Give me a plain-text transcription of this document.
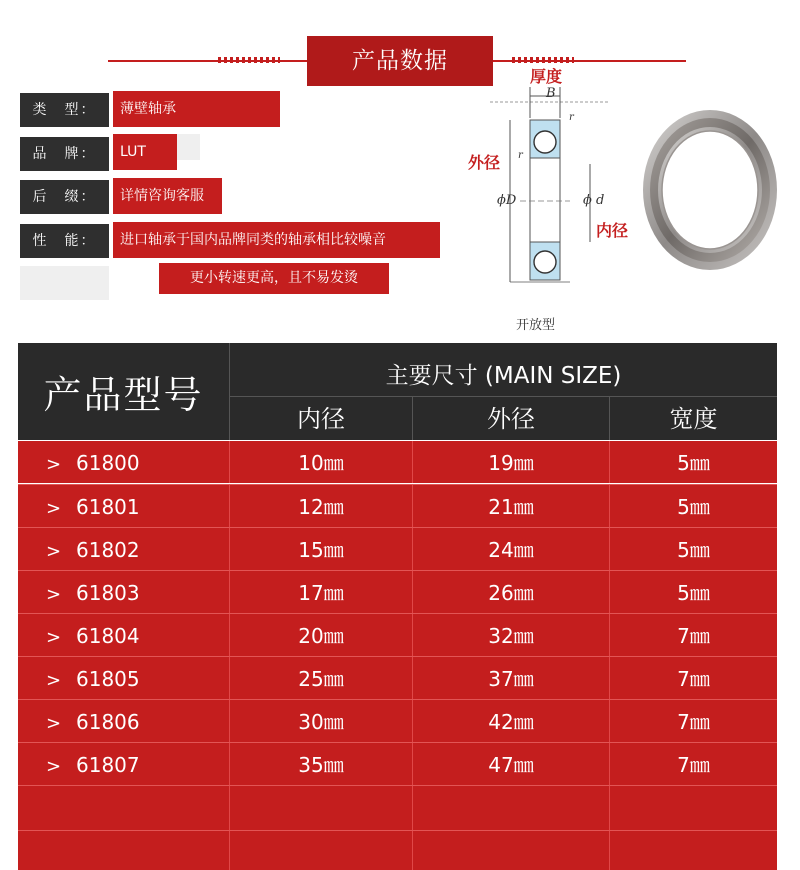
产品数据
类　型：	薄壁轴承
品　牌：	LUT
后　缀：	详情咨询客服
性　能：	进口轴承于国内品牌同类的轴承相比较噪音
更小转速更高，且不易发烫
厚度
外径
内径
B
r
r
ϕD	ϕ d
开放型
产品型号	主要尺寸 (MAIN SIZE)
内径	外径	宽度
> 61800	10㎜	19㎜	5㎜
> 61801	12㎜	21㎜	5㎜
> 61802	15㎜	24㎜	5㎜
> 61803	17㎜	26㎜	5㎜
> 61804	20㎜	32㎜	7㎜
> 61805	25㎜	37㎜	7㎜
> 61806	30㎜	42㎜	7㎜
> 61807	35㎜	47㎜	7㎜
